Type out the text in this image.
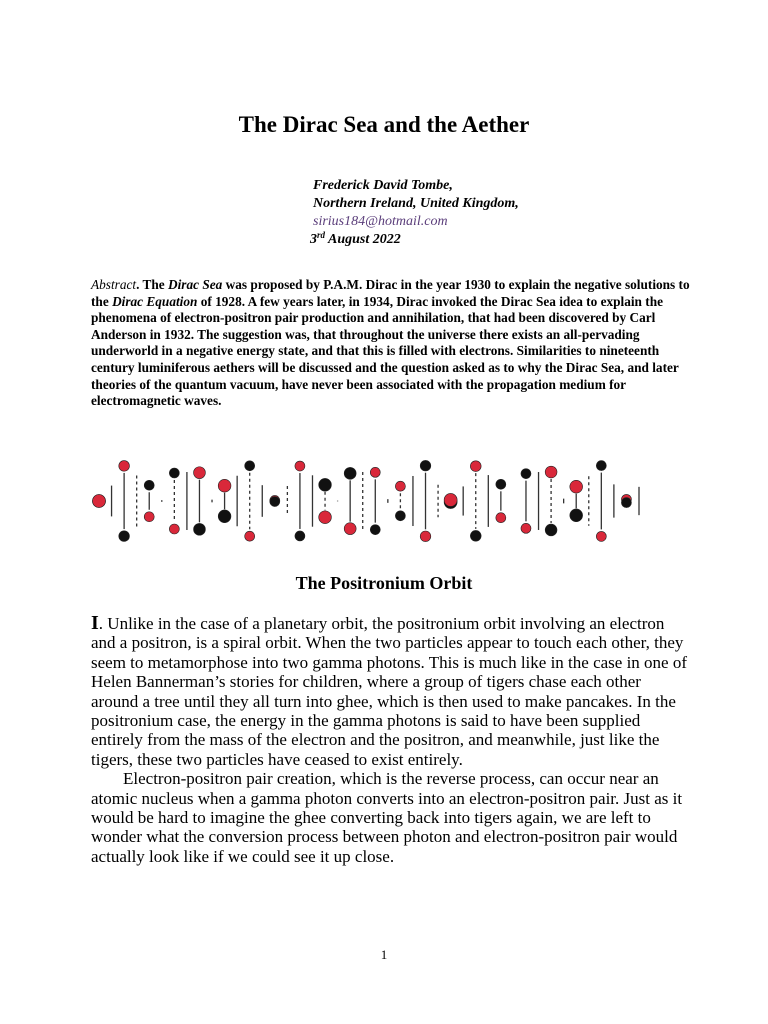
The Dirac Sea and the Aether
Frederick David Tombe,
Northern Ireland, United Kingdom,
sirius184@hotmail.com
3rd August 2022

Abstract. The Dirac Sea was proposed by P.A.M. Dirac in the year 1930 to explain the negative solutions to the Dirac Equation of 1928. A few years later, in 1934, Dirac invoked the Dirac Sea idea to explain the phenomena of electron-positron pair production and annihilation, that had been discovered by Carl Anderson in 1932. The suggestion was, that throughout the universe there exists an all-pervading underworld in a negative energy state, and that this is filled with electrons. Similarities to nineteenth century luminiferous aethers will be discussed and the question asked as to why the Dirac Sea, and later theories of the quantum vacuum, have never been associated with the propagation medium for electromagnetic waves.

The Positronium Orbit

I. Unlike in the case of a planetary orbit, the positronium orbit involving an electron and a positron, is a spiral orbit. When the two particles appear to touch each other, they seem to metamorphose into two gamma photons. This is much like in the case in one of Helen Bannerman’s stories for children, where a group of tigers chase each other around a tree until they all turn into ghee, which is then used to make pancakes. In the positronium case, the energy in the gamma photons is said to have been supplied entirely from the mass of the electron and the positron, and meanwhile, just like the tigers, these two particles have ceased to exist entirely.

Electron-positron pair creation, which is the reverse process, can occur near an atomic nucleus when a gamma photon converts into an electron-positron pair. Just as it would be hard to imagine the ghee converting back into tigers again, we are left to wonder what the conversion process between photon and electron-positron pair would actually look like if we could see it up close.

1
